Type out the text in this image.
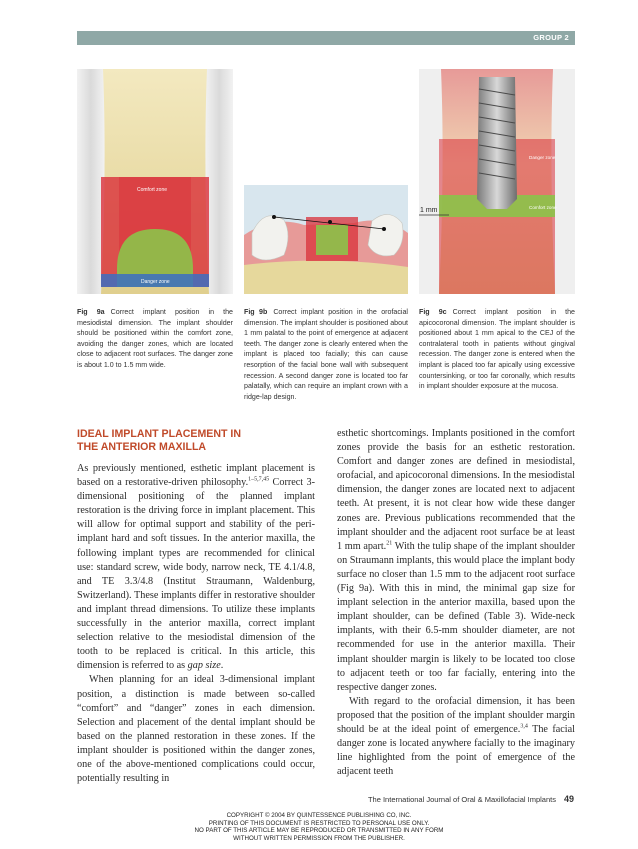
GROUP 2
Comfort zone
Danger zone
1 mm
Danger zone
Comfort zone
Fig 9a Correct implant position in the mesiodistal dimension. The implant shoulder should be positioned within the comfort zone, avoiding the danger zones, which are located close to adjacent root surfaces. The danger zone is about 1.0 to 1.5 mm wide.
Fig 9b Correct implant position in the orofacial dimension. The implant shoulder is positioned about 1 mm palatal to the point of emergence at adjacent teeth. The danger zone is clearly entered when the implant is placed too facially; this can cause resorption of the facial bone wall with subsequent recession. A second danger zone is located too far palatally, which can require an implant crown with a ridge-lap design.
Fig 9c Correct implant position in the apicocoronal dimension. The implant shoulder is positioned about 1 mm apical to the CEJ of the contralateral tooth in patients without gingival recession. The danger zone is entered when the implant is placed too far apically using excessive countersinking, or too far coronally, which results in implant shoulder exposure at the mucosa.
IDEAL IMPLANT PLACEMENT IN
THE ANTERIOR MAXILLA

As previously mentioned, esthetic implant placement is based on a restorative-driven philosophy.$^{1-5,7,45}$ Correct 3-dimensional positioning of the planned implant restoration is the driving force in implant placement. This will allow for optimal support and stability of the peri-implant hard and soft tissues. In the anterior maxilla, the following implant types are recommended for clinical use: standard screw, wide body, narrow neck, TE 4.1/4.8, and TE 3.3/4.8 (Institut Straumann, Waldenburg, Switzerland). These implants differ in restorative shoulder and implant thread dimensions. To utilize these implants successfully in the anterior maxilla, correct implant selection relative to the mesiodistal dimension of the tooth to be replaced is critical. In this article, this dimension is referred to as gap size.

When planning for an ideal 3-dimensional implant position, a distinction is made between so-called “comfort” and “danger” zones in each dimension. Selection and placement of the dental implant should be based on the planned restoration in these zones. If the implant shoulder is positioned within the danger zones, one of the above-mentioned complications could occur, potentially resulting in

esthetic shortcomings. Implants positioned in the comfort zones provide the basis for an esthetic restoration. Comfort and danger zones are defined in mesiodistal, orofacial, and apicocoronal dimensions. In the mesiodistal dimension, the danger zones are located next to adjacent teeth. At present, it is not clear how wide these danger zones are. Previous publications recommended that the implant shoulder and the adjacent root surface be at least 1 mm apart.$^{21}$ With the tulip shape of the implant shoulder on Straumann implants, this would place the implant body surface no closer than 1.5 mm to the adjacent root surface (Fig 9a). With this in mind, the minimal gap size for implant selection in the anterior maxilla, based upon the implant shoulder, can be defined (Table 3). Wide-neck implants, with their 6.5-mm shoulder diameter, are not recommended for use in the anterior maxilla. Their implant shoulder margin is likely to be located too close to adjacent teeth or too far facially, entering into the respective danger zones.

With regard to the orofacial dimension, it has been proposed that the position of the implant shoulder margin should be at the ideal point of emergence.$^{3,4}$ The facial danger zone is located anywhere facially to the imaginary line highlighted from the point of emergence of the adjacent teeth

The International Journal of Oral & Maxillofacial Implants 49
COPYRIGHT © 2004 BY QUINTESSENCE PUBLISHING CO, INC.
PRINTING OF THIS DOCUMENT IS RESTRICTED TO PERSONAL USE ONLY.
NO PART OF THIS ARTICLE MAY BE REPRODUCED OR TRANSMITTED IN ANY FORM
WITHOUT WRITTEN PERMISSION FROM THE PUBLISHER.
